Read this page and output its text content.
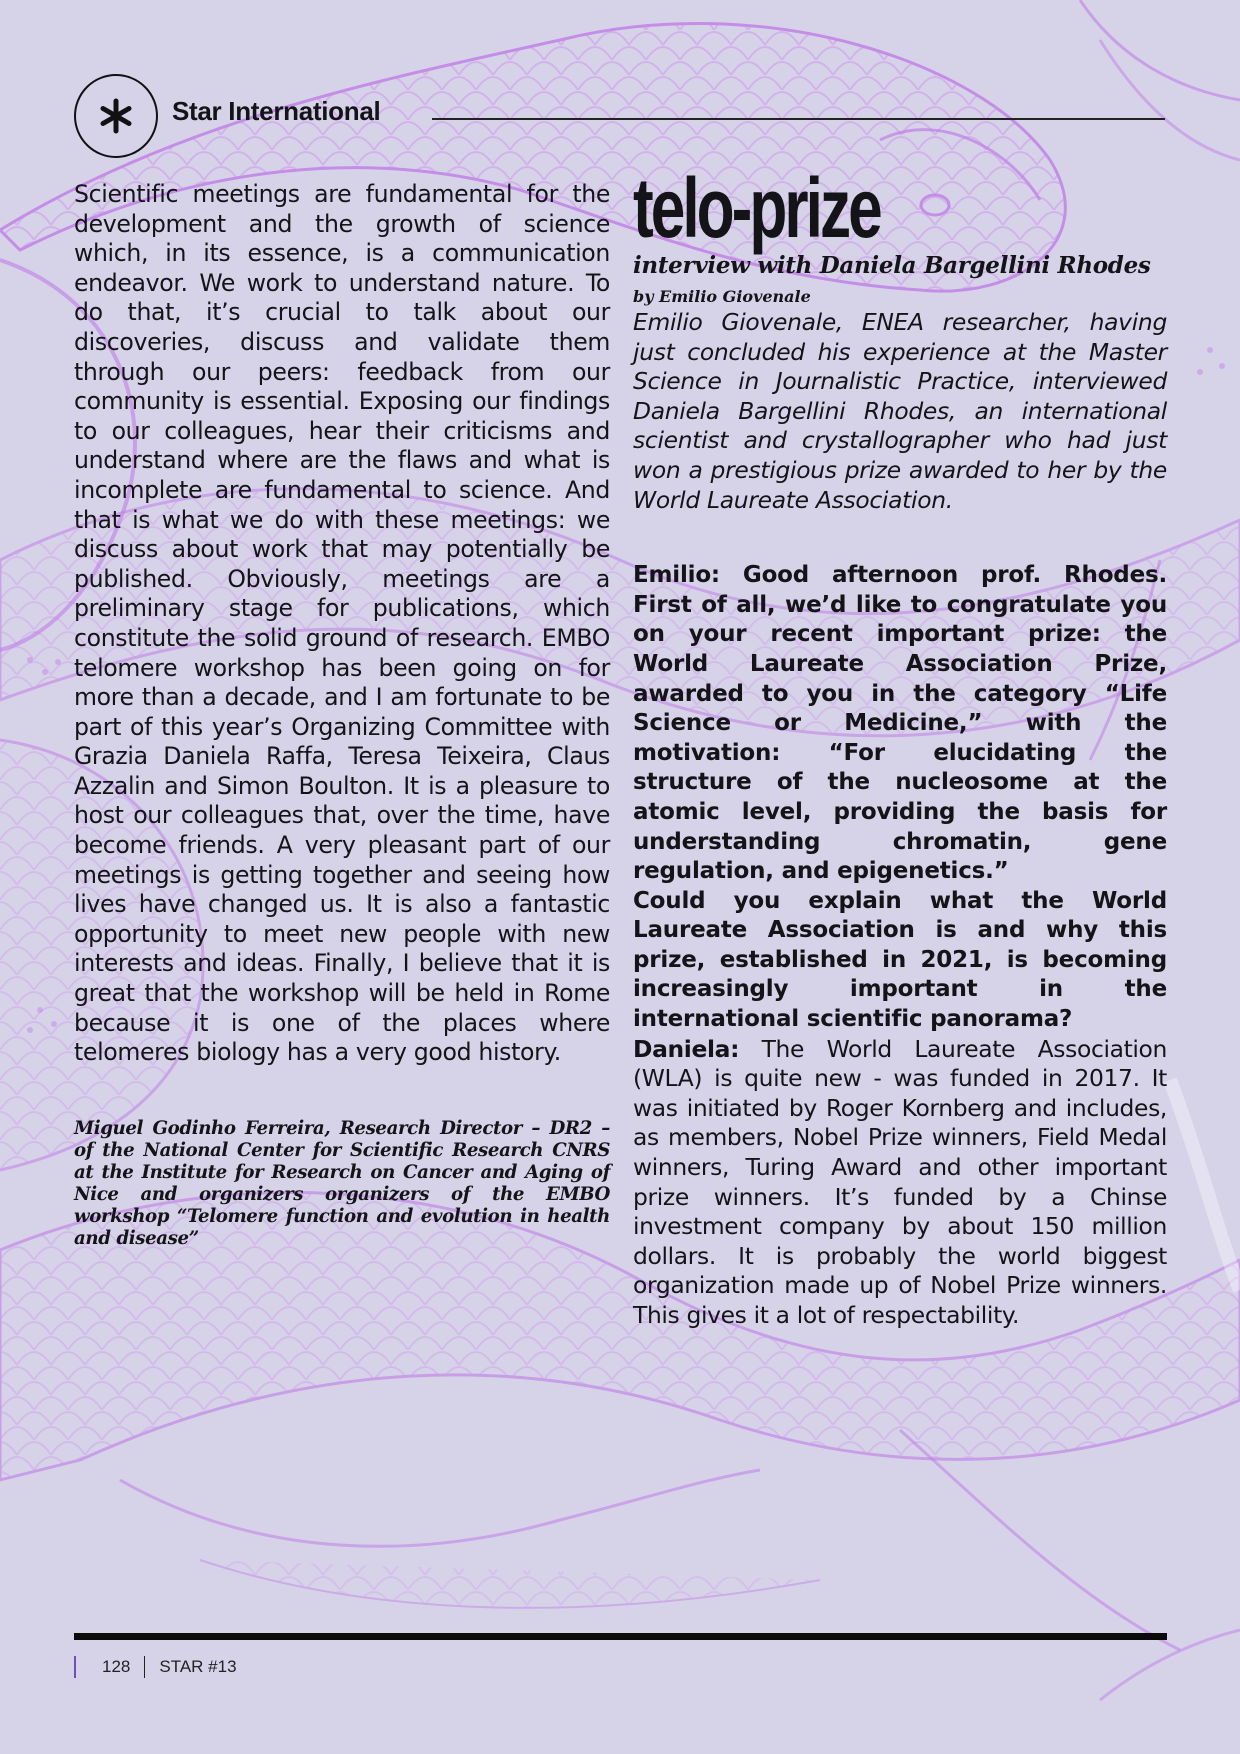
Star International

Scientific meetings are fundamental for the development and the growth of science which, in its essence, is a communication endeavor. We work to understand nature. To do that, it’s crucial to talk about our discoveries, discuss and validate them through our peers: feedback from our community is essential. Exposing our findings to our colleagues, hear their criticisms and understand where are the flaws and what is incomplete are fundamental to science. And that is what we do with these meetings: we discuss about work that may potentially be published. Obviously, meetings are a preliminary stage for publications, which constitute the solid ground of research. EMBO telomere workshop has been going on for more than a decade, and I am fortunate to be part of this year’s Organizing Committee with Grazia Daniela Raffa, Teresa Teixeira, Claus Azzalin and Simon Boulton. It is a pleasure to host our colleagues that, over the time, have become friends. A very pleasant part of our meetings is getting together and seeing how lives have changed us. It is also a fantastic opportunity to meet new people with new interests and ideas. Finally, I believe that it is great that the workshop will be held in Rome because it is one of the places where telomeres biology has a very good history.

Miguel Godinho Ferreira, Research Director – DR2 – of the National Center for Scientific Research CNRS at the Institute for Research on Cancer and Aging of Nice and organizers organizers of the EMBO workshop “Telomere function and evolution in health and disease”
telo-prize
interview with Daniela Bargellini Rhodes
by Emilio Giovenale
Emilio Giovenale, ENEA researcher, having just concluded his experience at the Master Science in Journalistic Practice, interviewed Daniela Bargellini Rhodes, an international scientist and crystallographer who had just won a prestigious prize awarded to her by the World Laureate Association.
Emilio: Good afternoon prof. Rhodes. First of all, we’d like to congratulate you on your recent important prize: the World Laureate Association Prize, awarded to you in the category “Life Science or Medicine,” with the motivation: “For elucidating the structure of the nucleosome at the atomic level, providing the basis for understanding chromatin, gene regulation, and epigenetics.”
Could you explain what the World Laureate Association is and why this prize, established in 2021, is becoming increasingly important in the international scientific panorama?
Daniela: The World Laureate Association (WLA) is quite new - was funded in 2017. It was initiated by Roger Kornberg and includes, as members, Nobel Prize winners, Field Medal winners, Turing Award and other important prize winners. It’s funded by a Chinse investment company by about 150 million dollars. It is probably the world biggest organization made up of Nobel Prize winners. This gives it a lot of respectability.
128 STAR #13
